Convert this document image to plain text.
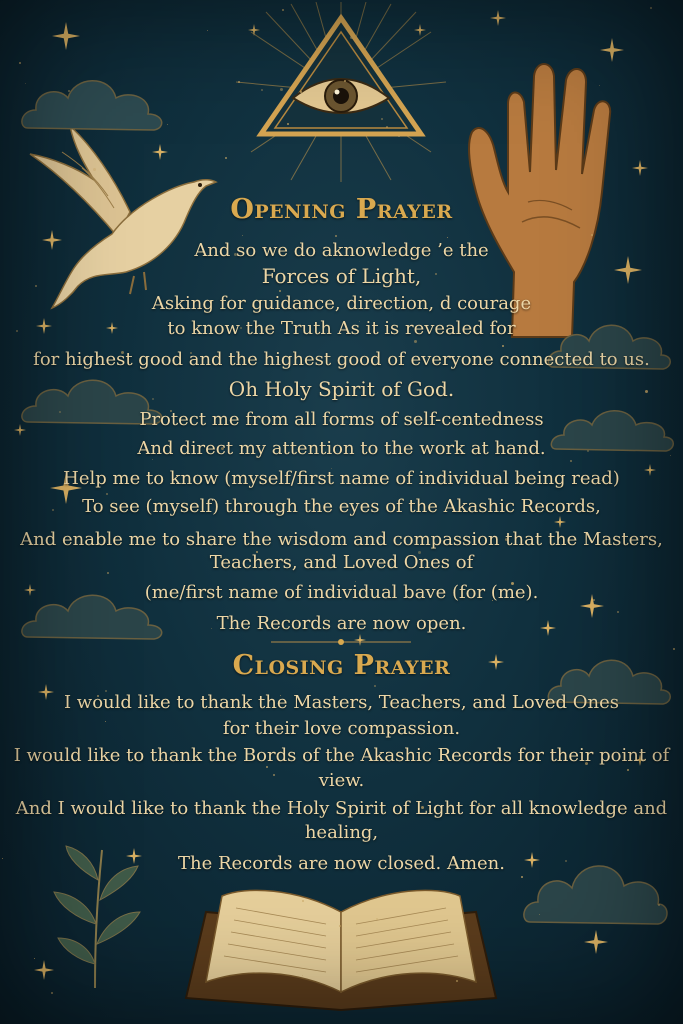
Opening Prayer
And so we do aknowledge ’e the
Forces of Light,
Asking for guidance, direction, d courage
to know the Truth As it is revealed for
for highest good and the highest good of everyone connected to us.
Oh Holy Spirit of God.
Protect me from all forms of self-centedness
And direct my attention to the work at hand.
Help me to know (myself/first name of individual being read)
To see (myself) through the eyes of the Akashic Records,
And enable me to share the wisdom and compassion that the Masters,
Teachers, and Loved Ones of
(me/first name of individual bave (for (me).
The Records are now open.
Closing Prayer
I would like to thank the Masters, Teachers, and Loved Ones
for their love compassion.
I would like to thank the Bords of the Akashic Records for their point of
view.
And I would like to thank the Holy Spirit of Light for all knowledge and
healing,
The Records are now closed. Amen.
